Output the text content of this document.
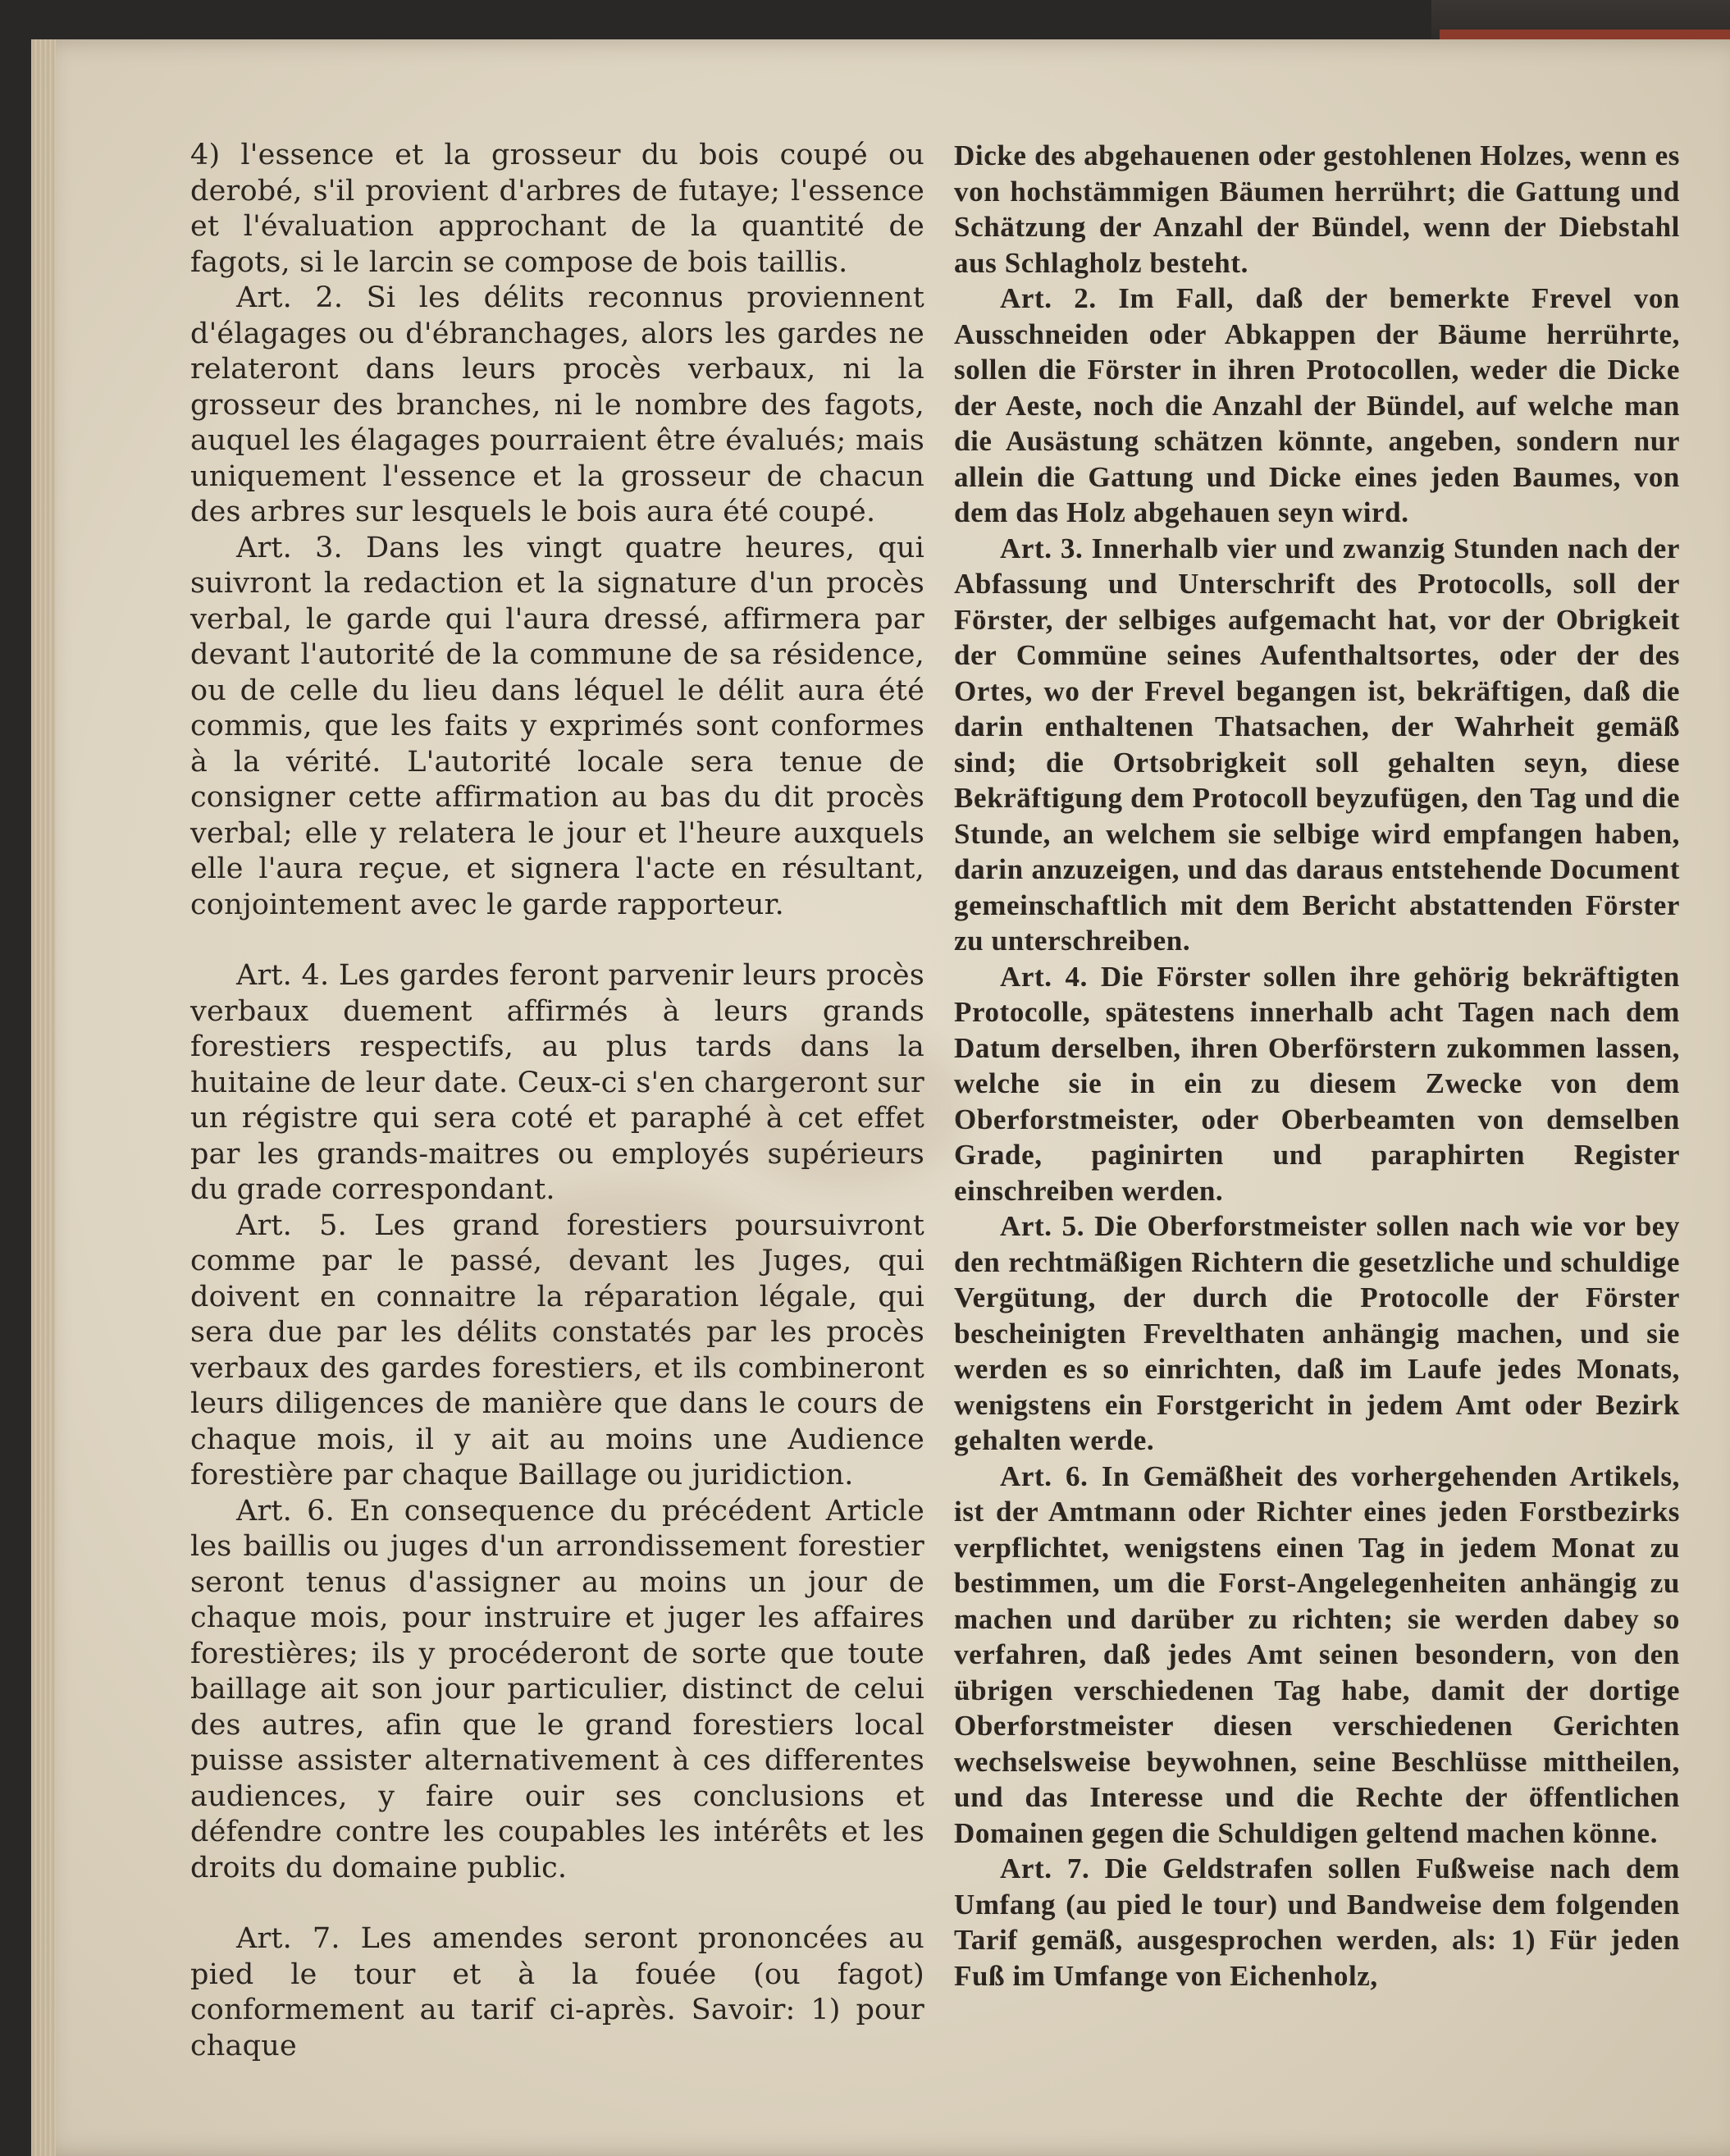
4) l'essence et la grosseur du bois coupé ou derobé, s'il provient d'arbres de futaye; l'essence et l'évaluation approchant de la quantité de fagots, si le larcin se compose de bois taillis.

Art. 2. Si les délits reconnus proviennent d'élagages ou d'ébranchages, alors les gardes ne relateront dans leurs procès verbaux, ni la grosseur des branches, ni le nombre des fagots, auquel les élagages pourraient être évalués; mais uniquement l'essence et la grosseur de chacun des arbres sur lesquels le bois aura été coupé.

Art. 3. Dans les vingt quatre heures, qui suivront la redaction et la signature d'un procès verbal, le garde qui l'aura dressé, affirmera par devant l'autorité de la commune de sa résidence, ou de celle du lieu dans léquel le délit aura été commis, que les faits y exprimés sont conformes à la vérité. L'autorité locale sera tenue de consigner cette affirmation au bas du dit procès verbal; elle y relatera le jour et l'heure auxquels elle l'aura reçue, et signera l'acte en résultant, conjointement avec le garde rapporteur.

Art. 4. Les gardes feront parvenir leurs procès verbaux duement affirmés à leurs grands forestiers respectifs, au plus tards dans la huitaine de leur date. Ceux-ci s'en chargeront sur un régistre qui sera coté et paraphé à cet effet par les grands-maitres ou employés supérieurs du grade correspondant.

Art. 5. Les grand forestiers poursuivront comme par le passé, devant les Juges, qui doivent en connaitre la réparation légale, qui sera due par les délits constatés par les procès verbaux des gardes forestiers, et ils combineront leurs diligences de manière que dans le cours de chaque mois, il y ait au moins une Audience forestière par chaque Baillage ou juridiction.

Art. 6. En consequence du précédent Article les baillis ou juges d'un arrondissement forestier seront tenus d'assigner au moins un jour de chaque mois, pour instruire et juger les affaires forestières; ils y procéderont de sorte que toute baillage ait son jour particulier, distinct de celui des autres, afin que le grand forestiers local puisse assister alternativement à ces differentes audiences, y faire ouir ses conclusions et défendre contre les coupables les intérêts et les droits du domaine public.

Art. 7. Les amendes seront prononcées au pied le tour et à la fouée (ou fagot) conformement au tarif ci-après. Savoir: 1) pour chaque

Dicke des abgehauenen oder gestohlenen Holzes, wenn es von hochstämmigen Bäumen herrührt; die Gattung und Schätzung der Anzahl der Bündel, wenn der Diebstahl aus Schlagholz besteht.

Art. 2. Im Fall, daß der bemerkte Frevel von Ausschneiden oder Abkappen der Bäume herrührte, sollen die Förster in ihren Protocollen, weder die Dicke der Aeste, noch die Anzahl der Bündel, auf welche man die Ausästung schätzen könnte, angeben, sondern nur allein die Gattung und Dicke eines jeden Baumes, von dem das Holz abgehauen seyn wird.

Art. 3. Innerhalb vier und zwanzig Stunden nach der Abfassung und Unterschrift des Protocolls, soll der Förster, der selbiges aufgemacht hat, vor der Obrigkeit der Commüne seines Aufenthaltsortes, oder der des Ortes, wo der Frevel begangen ist, bekräftigen, daß die darin enthaltenen Thatsachen, der Wahrheit gemäß sind; die Ortsobrigkeit soll gehalten seyn, diese Bekräftigung dem Protocoll beyzufügen, den Tag und die Stunde, an welchem sie selbige wird empfangen haben, darin anzuzeigen, und das daraus entstehende Document gemeinschaftlich mit dem Bericht abstattenden Förster zu unterschreiben.

Art. 4. Die Förster sollen ihre gehörig bekräftigten Protocolle, spätestens innerhalb acht Tagen nach dem Datum derselben, ihren Oberförstern zukommen lassen, welche sie in ein zu diesem Zwecke von dem Oberforstmeister, oder Oberbeamten von demselben Grade, paginirten und paraphirten Register einschreiben werden.

Art. 5. Die Oberforstmeister sollen nach wie vor bey den rechtmäßigen Richtern die gesetzliche und schuldige Vergütung, der durch die Protocolle der Förster bescheinigten Frevelthaten anhängig machen, und sie werden es so einrichten, daß im Laufe jedes Monats, wenigstens ein Forstgericht in jedem Amt oder Bezirk gehalten werde.

Art. 6. In Gemäßheit des vorhergehenden Artikels, ist der Amtmann oder Richter eines jeden Forstbezirks verpflichtet, wenigstens einen Tag in jedem Monat zu bestimmen, um die Forst-Angelegenheiten anhängig zu machen und darüber zu richten; sie werden dabey so verfahren, daß jedes Amt seinen besondern, von den übrigen verschiedenen Tag habe, damit der dortige Oberforstmeister diesen verschiedenen Gerichten wechselsweise beywohnen, seine Beschlüsse mittheilen, und das Interesse und die Rechte der öffentlichen Domainen gegen die Schuldigen geltend machen könne.

Art. 7. Die Geldstrafen sollen Fußweise nach dem Umfang (au pied le tour) und Bandweise dem folgenden Tarif gemäß, ausgesprochen werden, als: 1) Für jeden Fuß im Umfange von Eichenholz,
